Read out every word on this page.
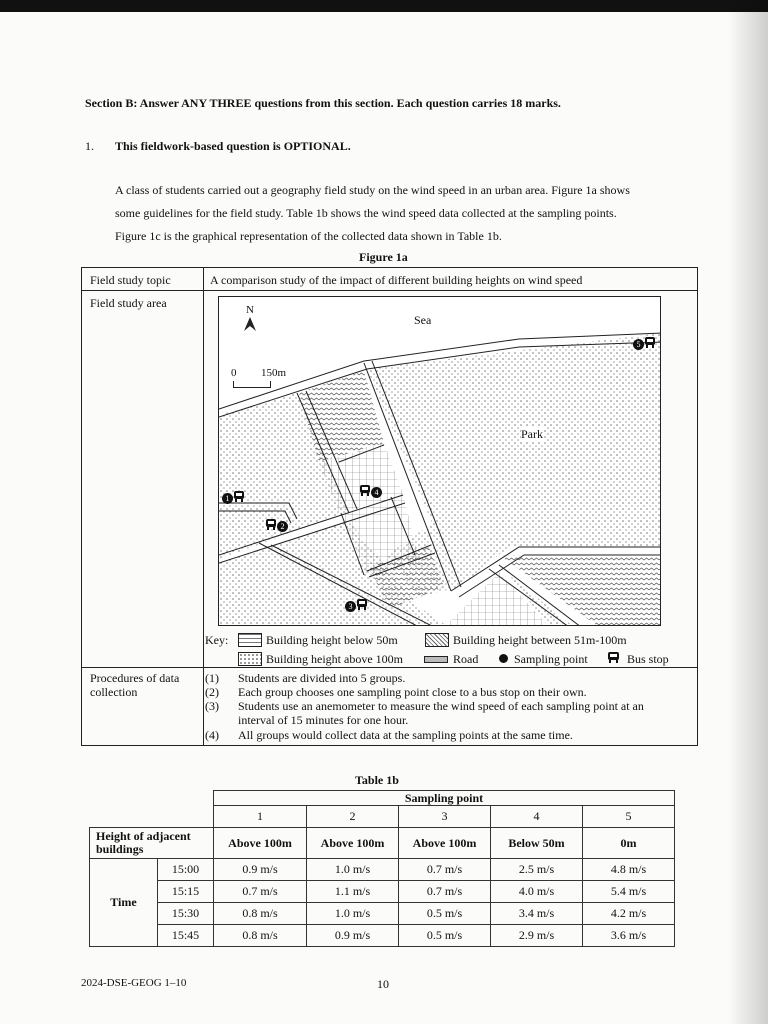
Section B: Answer ANY THREE questions from this section. Each question carries 18 marks.
1. This fieldwork-based question is OPTIONAL.
A class of students carried out a geography field study on the wind speed in an urban area. Figure 1a shows
some guidelines for the field study. Table 1b shows the wind speed data collected at the sampling points.
Figure 1c is the graphical representation of the collected data shown in Table 1b.
Figure 1a
Field study topic	A comparison study of the impact of different building heights on wind speed
Field study area	N
Sea
Park
0 150m
1
2
3
4
5
Key:	Building height below 50m	Building height between 51m-100m
Building height above 100m	Road	Sampling point	Bus stop
Procedures of data
collection
(1) Students are divided into 5 groups.
(2) Each group chooses one sampling point close to a bus stop on their own.
(3) Students use an anemometer to measure the wind speed of each sampling point at an interval of 15 minutes for one hour.
(4) All groups would collect data at the sampling points at the same time.
Table 1b
		Sampling point				
		1	2	3	4	5
Height of adjacent buildings		Above 100m	Above 100m	Above 100m	Below 50m	0m
Time	15:00	0.9 m/s	1.0 m/s	0.7 m/s	2.5 m/s	4.8 m/s
	15:15	0.7 m/s	1.1 m/s	0.7 m/s	4.0 m/s	5.4 m/s
	15:30	0.8 m/s	1.0 m/s	0.5 m/s	3.4 m/s	4.2 m/s
	15:45	0.8 m/s	0.9 m/s	0.5 m/s	2.9 m/s	3.6 m/s
2024-DSE-GEOG 1–10	10
